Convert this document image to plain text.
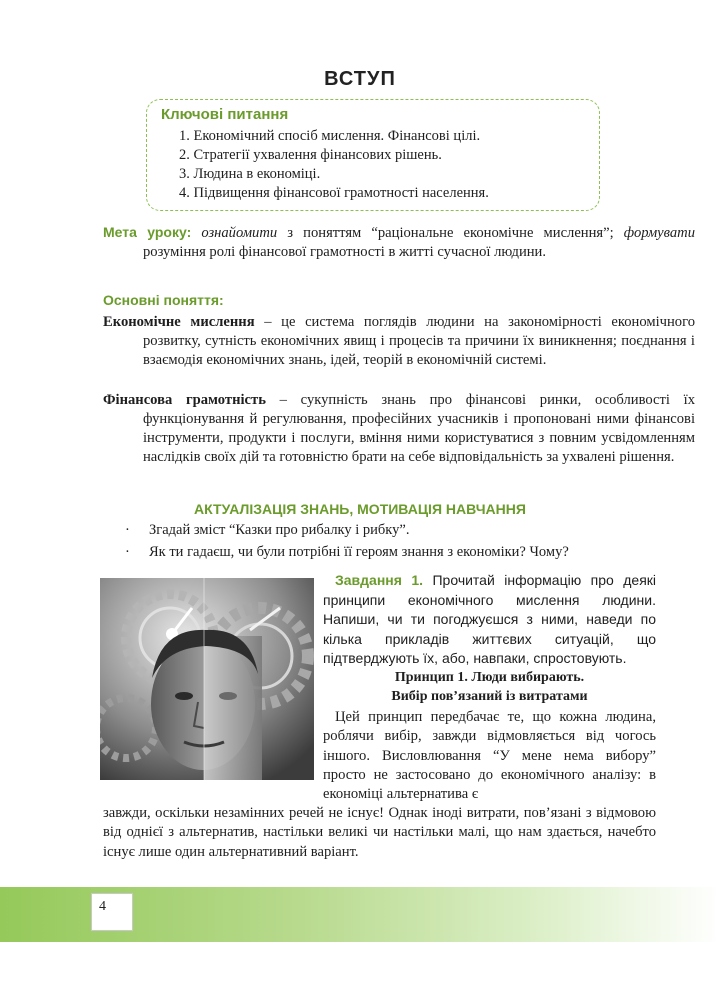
ВСТУП
Ключові питання
1. Економічний спосіб мислення. Фінансові цілі.
2. Стратегії ухвалення фінансових рішень.
3. Людина в економіці.
4. Підвищення фінансової грамотності населення.
Мета уроку: ознайомити з поняттям “раціональне економічне мислення”; формувати розуміння ролі фінансової грамотності в житті сучасної людини.
Основні поняття:
Економічне мислення – це система поглядів людини на закономірності економічного розвитку, сутність економічних явищ і процесів та причини їх виникнення; поєднання і взаємодія економічних знань, ідей, теорій в економічній системі.
Фінансова грамотність – сукупність знань про фінансові ринки, особливості їх функціонування й регулювання, професійних учасників і пропоновані ними фінансові інструменти, продукти і послуги, вміння ними користуватися з повним усвідомленням наслідків своїх дій та готовністю брати на себе відповідальність за ухвалені рішення.
АКТУАЛІЗАЦІЯ ЗНАНЬ, МОТИВАЦІЯ НАВЧАННЯ
· Згадай зміст “Казки про рибалку і рибку”.
· Як ти гадаєш, чи були потрібні її героям знання з економіки? Чому?

Завдання 1. Прочитай інформацію про деякі принципи економічного мислення людини. Напиши, чи ти погоджуєшся з ними, наведи по кілька прикладів життєвих ситуацій, що підтверджують їх, або, навпаки, спростовують.

Принцип 1. Люди вибирають.
Вибір пов’язаний із витратами

Цей принцип передбачає те, що кожна людина, роблячи вибір, завжди відмовляється від чогось іншого. Висловлювання “У мене нема вибору” просто не застосовано до економічного аналізу: в економіці альтернатива є

завжди, оскільки незамінних речей не існує! Однак іноді витрати, пов’язані з відмовою від однієї з альтернатив, настільки великі чи настільки малі, що нам здається, начебто існує лише один альтернативний варіант.
4
